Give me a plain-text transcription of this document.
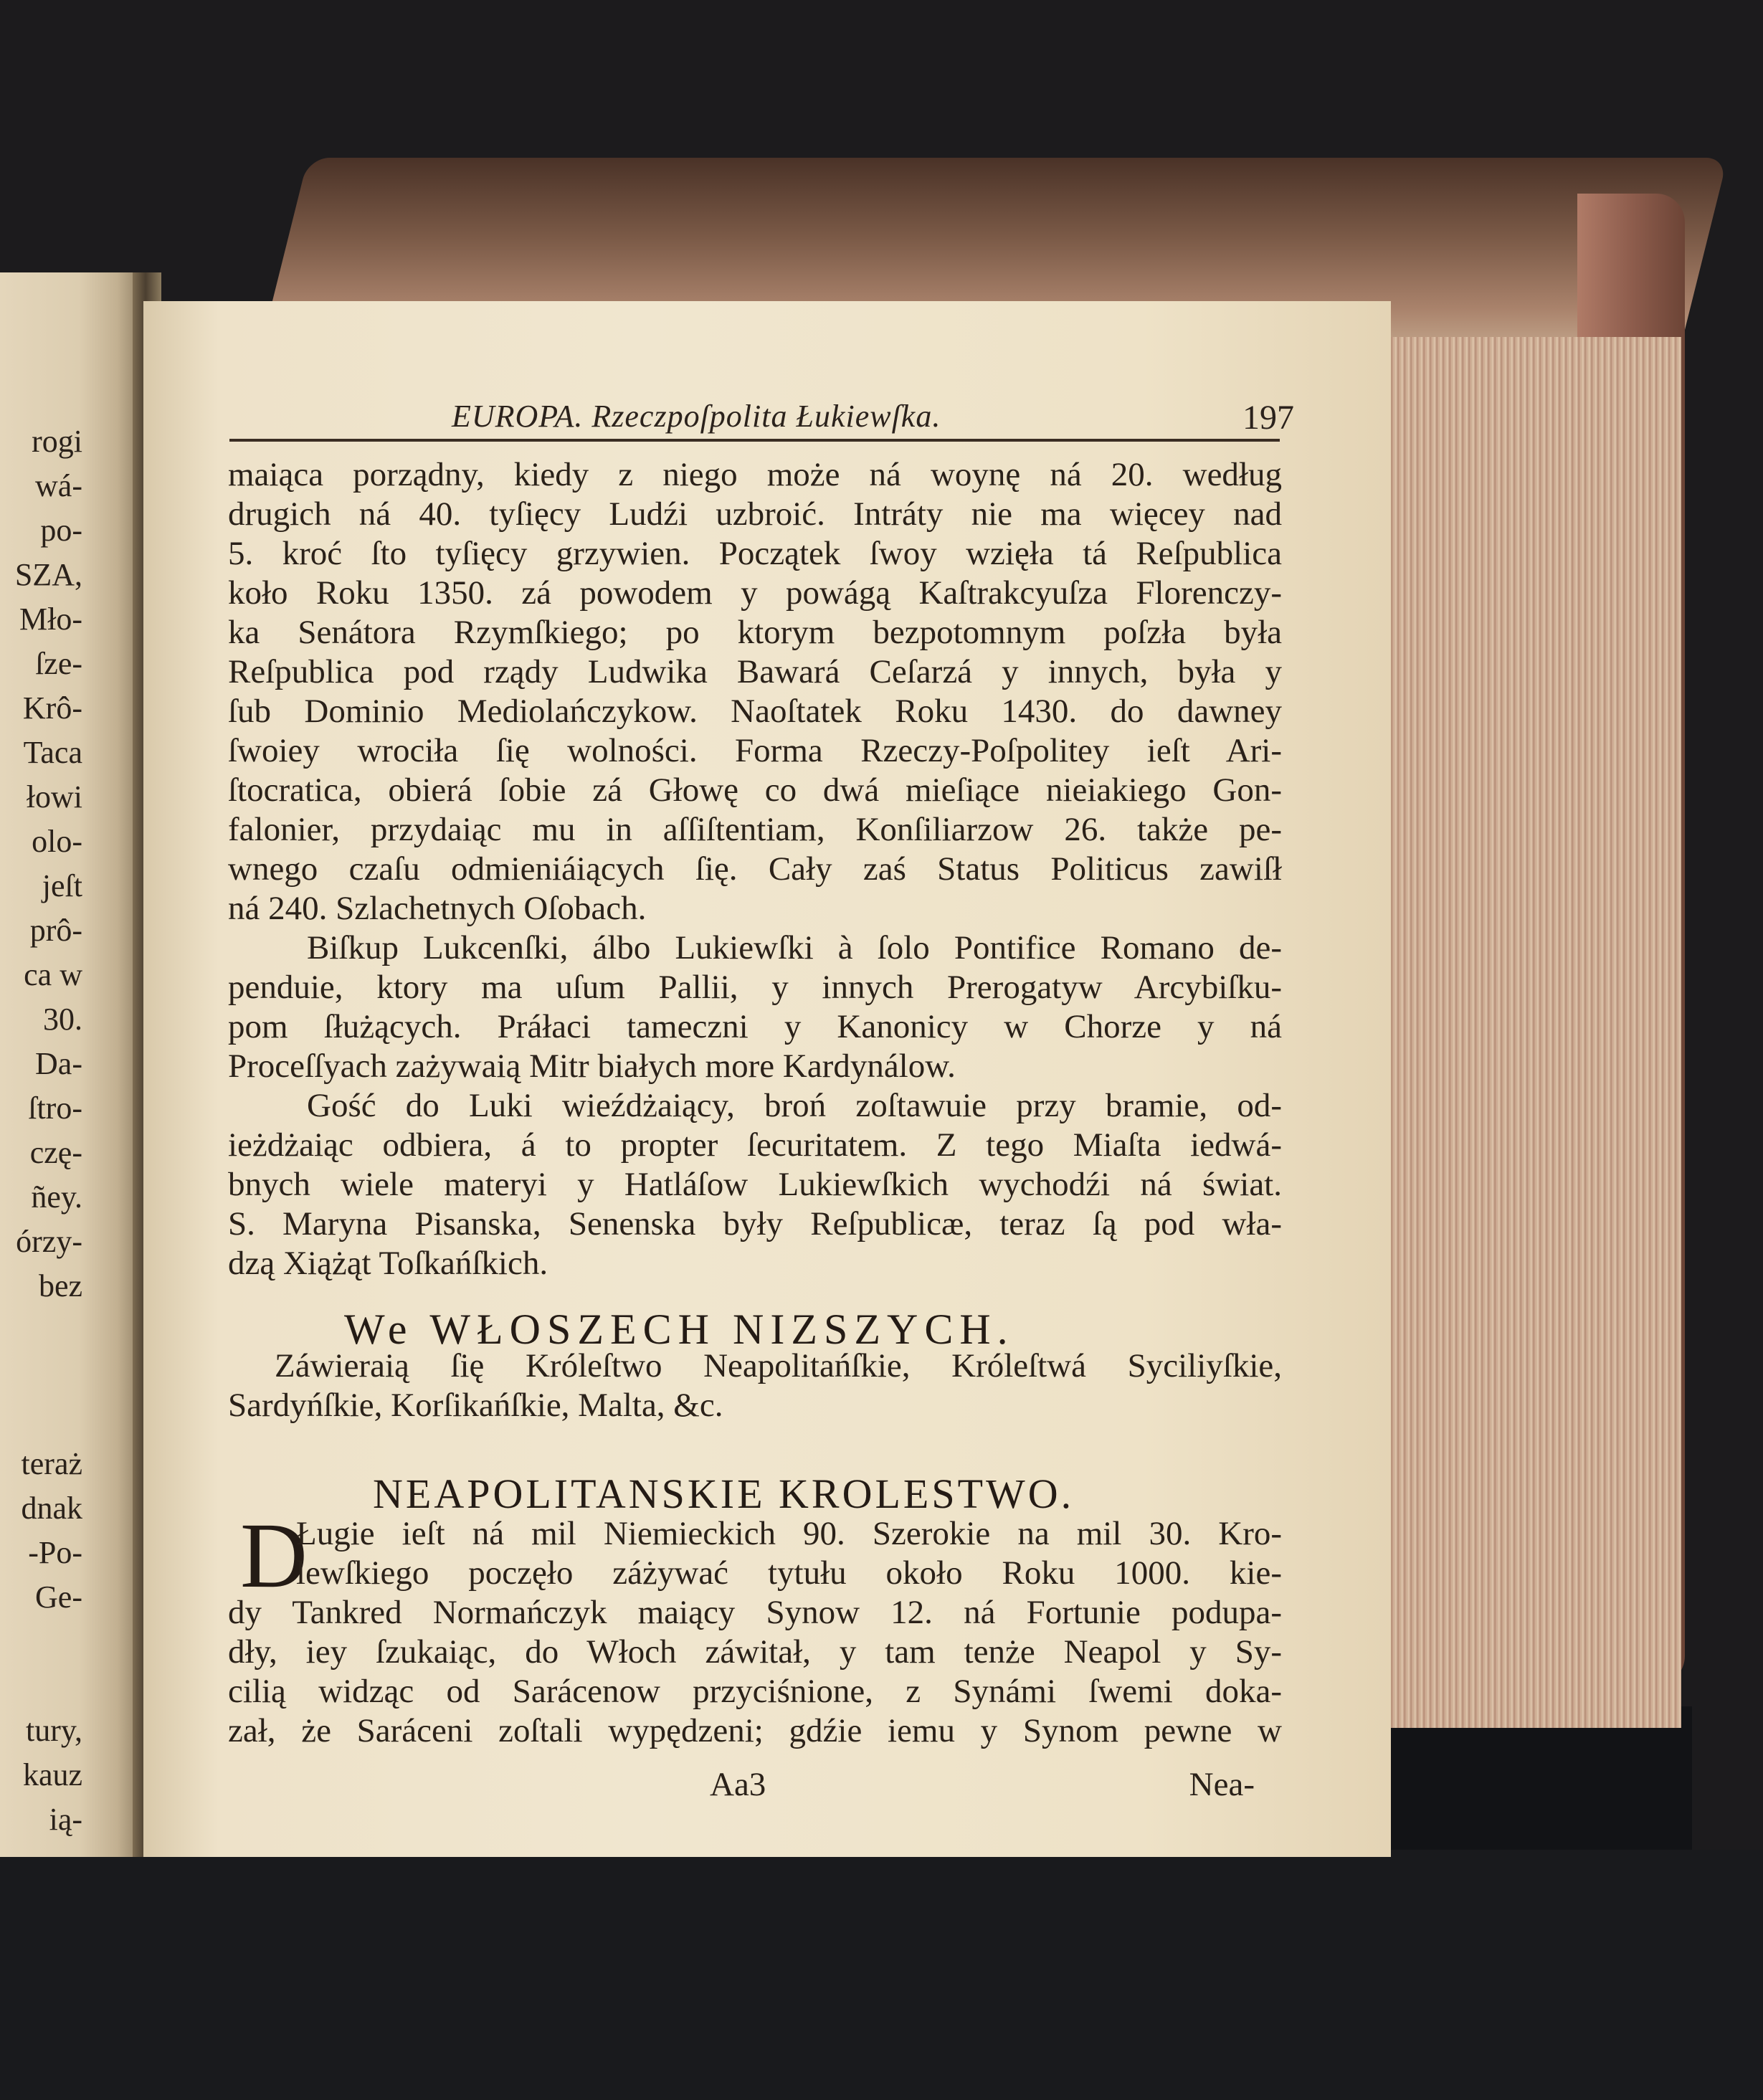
rogi
wá-
po-
SZA,
Mło-
ſze-
Krô-
Taca
łowi
olo-
jeſt
prô-
ca w
30.
Da-
ſtro-
czę-
ñey.
órzy-
bez
teraż
dnak
-Po-
Ge-
tury,
kauz
ią-
EUROPA. Rzeczpoſpolita Łukiewſka.	197
maiąca porządny, kiedy z niego może ná woynę ná 20. według
drugich ná 40. tyſięcy Ludźi uzbroić. Intráty nie ma więcey nad
5. kroć ſto tyſięcy grzywien. Początek ſwoy wzięła tá Reſpublica
koło Roku 1350. zá powodem y powágą Kaſtrakcyuſza Florenczy-
ka Senátora Rzymſkiego; po ktorym bezpotomnym poſzła była
Reſpublica pod rządy Ludwika Bawará Ceſarzá y innych, była y
ſub Dominio Mediolańczykow. Naoſtatek Roku 1430. do dawney
ſwoiey wrociła ſię wolności. Forma Rzeczy-Poſpolitey ieſt Ari-
ſtocratica, obierá ſobie zá Głowę co dwá mieſiące nieiakiego Gon-
falonier, przydaiąc mu in aſſiſtentiam, Konſiliarzow 26. także pe-
wnego czaſu odmieniáiących ſię. Cały zaś Status Politicus zawiſł
ná 240. Szlachetnych Oſobach.
Biſkup Lukcenſki, álbo Lukiewſki à ſolo Pontifice Romano de-
penduie, ktory ma uſum Pallii, y innych Prerogatyw Arcybiſku-
pom ſłużących. Práłaci tameczni y Kanonicy w Chorze y ná
Proceſſyach zażywaią Mitr białych more Kardynálow.
Gość do Luki wieźdżaiący, broń zoſtawuie przy bramie, od-
ieżdżaiąc odbiera, á to propter ſecuritatem. Z tego Miaſta iedwá-
bnych wiele materyi y Hatláſow Lukiewſkich wychodźi ná świat.
S. Maryna Pisanska, Senenska były Reſpublicæ, teraz ſą pod wła-
dzą Xiążąt Toſkańſkich.
We WŁOSZECH NIZSZYCH.
Záwieraią ſię Króleſtwo Neapolitańſkie, Króleſtwá Syciliyſkie,
Sardyńſkie, Korſikańſkie, Malta, &c.
NEAPOLITANSKIE KROLESTWO.
D
Ługie ieſt ná mil Niemieckich 90. Szerokie na mil 30. Kro-
lewſkiego poczęło záżywać tytułu około Roku 1000. kie-
dy Tankred Normańczyk maiący Synow 12. ná Fortunie podupa-
dły, iey ſzukaiąc, do Włoch záwitał, y tam tenże Neapol y Sy-
cilią widząc od Sarácenow przyciśnione, z Synámi ſwemi doka-
zał, że Saráceni zoſtali wypędzeni; gdźie iemu y Synom pewne w
Aa3	Nea-
